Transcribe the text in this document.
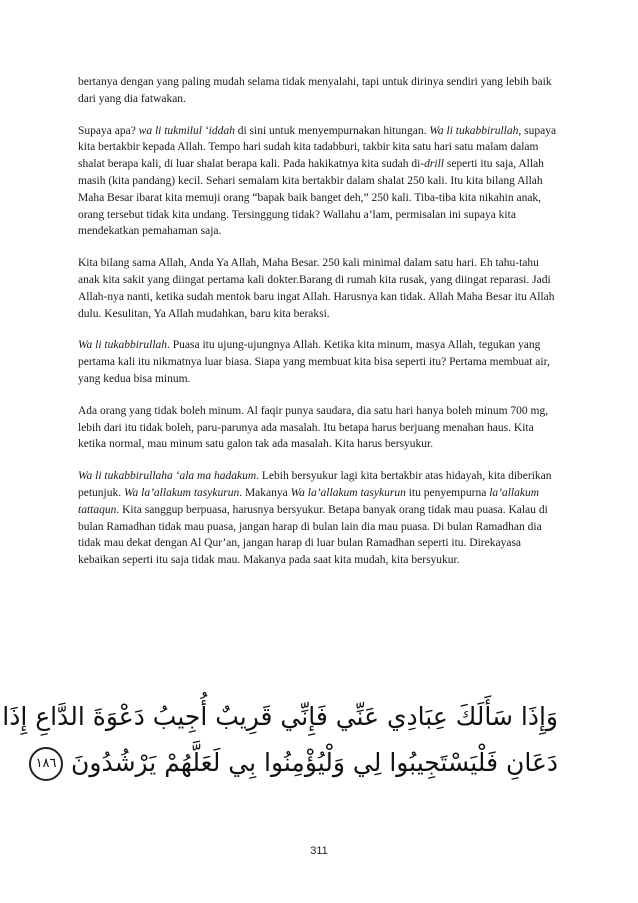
bertanya dengan yang paling mudah selama tidak menyalahi, tapi untuk dirinya sendiri yang lebih baik dari yang dia fatwakan.

Supaya apa? wa li tukmilul ‘iddah di sini untuk menyempurnakan hitungan. Wa li tukabbirullah, supaya kita bertakbir kepada Allah. Tempo hari sudah kita tadabburi, takbir kita satu hari satu malam dalam shalat berapa kali, di luar shalat berapa kali. Pada hakikatnya kita sudah di-drill seperti itu saja, Allah masih (kita pandang) kecil. Sehari semalam kita bertakbir dalam shalat 250 kali. Itu kita bilang Allah Maha Besar ibarat kita memuji orang “bapak baik banget deh,” 250 kali. Tiba-tiba kita nikahin anak, orang tersebut tidak kita undang. Tersinggung tidak? Wallahu a’lam, permisalan ini supaya kita mendekatkan pemahaman saja.

Kita bilang sama Allah, Anda Ya Allah, Maha Besar. 250 kali minimal dalam satu hari. Eh tahu-tahu anak kita sakit yang diingat pertama kali dokter.Barang di rumah kita rusak, yang diingat reparasi. Jadi Allah-nya nanti, ketika sudah mentok baru ingat Allah. Harusnya kan tidak. Allah Maha Besar itu Allah dulu. Kesulitan, Ya Allah mudahkan, baru kita beraksi.

Wa li tukabbirullah. Puasa itu ujung-ujungnya Allah. Ketika kita minum, masya Allah, tegukan yang pertama kali itu nikmatnya luar biasa. Siapa yang membuat kita bisa seperti itu? Pertama membuat air, yang kedua bisa minum.

Ada orang yang tidak boleh minum. Al faqir punya saudara, dia satu hari hanya boleh minum 700 mg, lebih dari itu tidak boleh, paru-parunya ada masalah. Itu betapa harus berjuang menahan haus. Kita ketika normal, mau minum satu galon tak ada masalah. Kita harus bersyukur.

Wa li tukabbirullaha ‘ala ma hadakum. Lebih bersyukur lagi kita bertakbir atas hidayah, kita diberikan petunjuk. Wa la’allakum tasykurun. Makanya Wa la’allakum tasykurun itu penyempurna la’allakum tattaqun. Kita sanggup berpuasa, harusnya bersyukur. Betapa banyak orang tidak mau puasa. Kalau di bulan Ramadhan tidak mau puasa, jangan harap di bulan lain dia mau puasa. Di bulan Ramadhan dia tidak mau dekat dengan Al Qur’an, jangan harap di luar bulan Ramadhan seperti itu. Direkayasa kebaikan seperti itu saja tidak mau. Makanya pada saat kita mudah, kita bersyukur.

وَإِذَا سَأَلَكَ عِبَادِي عَنِّي فَإِنِّي قَرِيبٌ أُجِيبُ دَعْوَةَ الدَّاعِ إِذَا
دَعَانِ فَلْيَسْتَجِيبُوا لِي وَلْيُؤْمِنُوا بِي لَعَلَّهُمْ يَرْشُدُونَ ١٨٦
311
